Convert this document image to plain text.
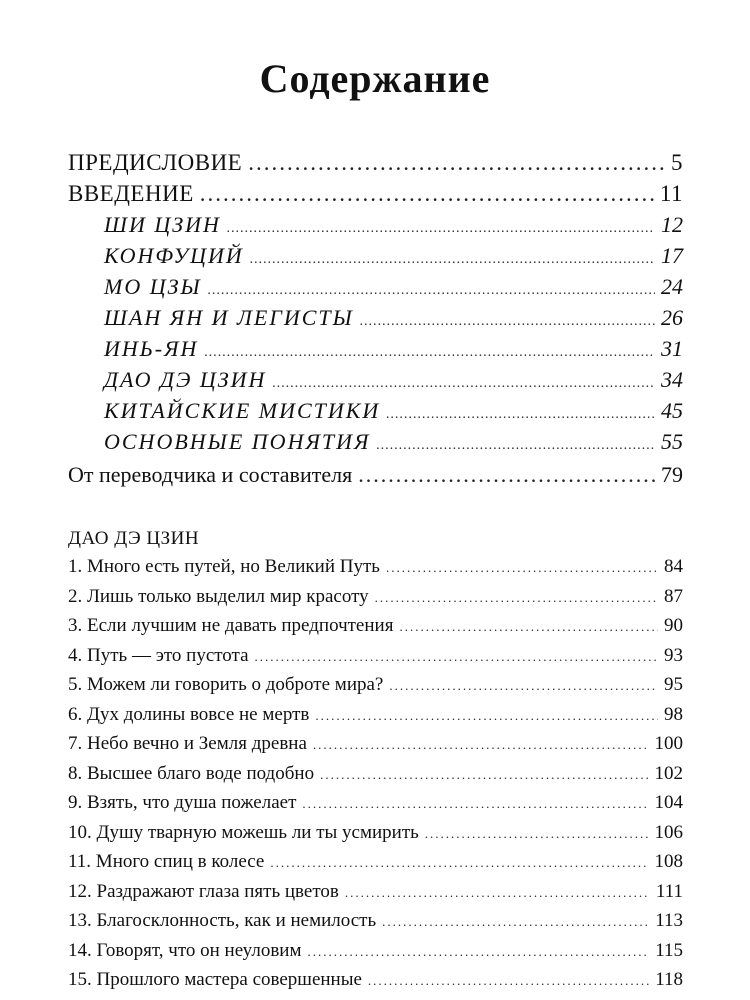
Содержание
ПРЕДИСЛОВИЕ .....	5
ВВЕДЕНИЕ .....	11
ШИ ЦЗИН .....	12
КОНФУЦИЙ .....	17
МО ЦЗЫ .....	24
ШАН ЯН И ЛЕГИСТЫ .....	26
ИНЬ-ЯН .....	31
ДАО ДЭ ЦЗИН .....	34
КИТАЙСКИЕ МИСТИКИ .....	45
ОСНОВНЫЕ ПОНЯТИЯ .....	55
От переводчика и составителя .....	79
ДАО ДЭ ЦЗИН
1. Много есть путей, но Великий Путь .....	84
2. Лишь только выделил мир красоту .....	87
3. Если лучшим не давать предпочтения .....	90
4. Путь — это пустота .....	93
5. Можем ли говорить о доброте мира? .....	95
6. Дух долины вовсе не мертв .....	98
7. Небо вечно и Земля древна .....	100
8. Высшее благо воде подобно .....	102
9. Взять, что душа пожелает .....	104
10. Душу тварную можешь ли ты усмирить .....	106
11. Много спиц в колесе .....	108
12. Раздражают глаза пять цветов .....	111
13. Благосклонность, как и немилость .....	113
14. Говорят, что он неуловим .....	115
15. Прошлого мастера совершенные .....	118
